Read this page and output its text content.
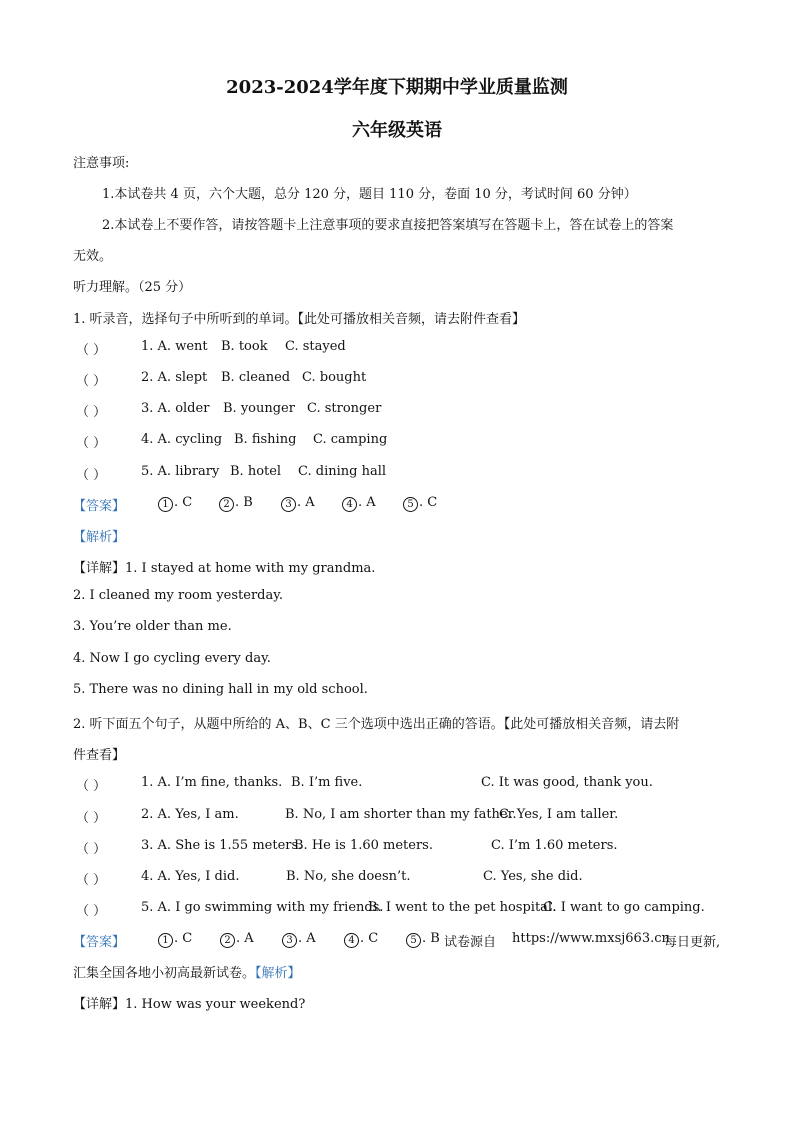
2023-2024学年度下期期中学业质量监测
六年级英语
注意事项:
1.本试卷共 4 页，六个大题，总分 120 分，题目 110 分，卷面 10 分，考试时间 60 分钟）
2.本试卷上不要作答，请按答题卡上注意事项的要求直接把答案填写在答题卡上，答在试卷上的答案
无效。
听力理解。（25 分）
1. 听录音，选择句子中所听到的单词。【此处可播放相关音频，请去附件查看】
（ ）	1. A. went B. took C. stayed
（ ）	2. A. slept B. cleaned C. bought
（ ）	3. A. older B. younger C. stronger
（ ）	4. A. cycling B. fishing C. camping
（ ）	5. A. library B. hotel C. dining hall
【答案】	1 . C	2 . B	3 . A	4 . A	5 . C
【解析】
【详解】1. I stayed at home with my grandma.
2. I cleaned my room yesterday.
3. You’re older than me.
4. Now I go cycling every day.
5. There was no dining hall in my old school.
2. 听下面五个句子，从题中所给的 A、B、C 三个选项中选出正确的答语。【此处可播放相关音频，请去附
件查看】
（ ）	1. A. I’m fine, thanks. B. I’m five.	C. It was good, thank you.
（ ）	2. A. Yes, I am.	B. No, I am shorter than my father.
C. Yes, I am taller.
（ ）	3. A. She is 1.55 meters.
B. He is 1.60 meters.	C. I’m 1.60 meters.
（ ）	4. A. Yes, I did.	B. No, she doesn’t.	C. Yes, she did.
（ ）	5. A. I go swimming with my friends.
B. I went to the pet hospital.
C. I want to go camping.
【答案】	1 . C	2 . A	3 . A	4 . C	5 . B 试卷源自 https://www.mxsj663.cn
每日更新,
汇集全国各地小初高最新试卷。【解析】
【详解】1. How was your weekend?
